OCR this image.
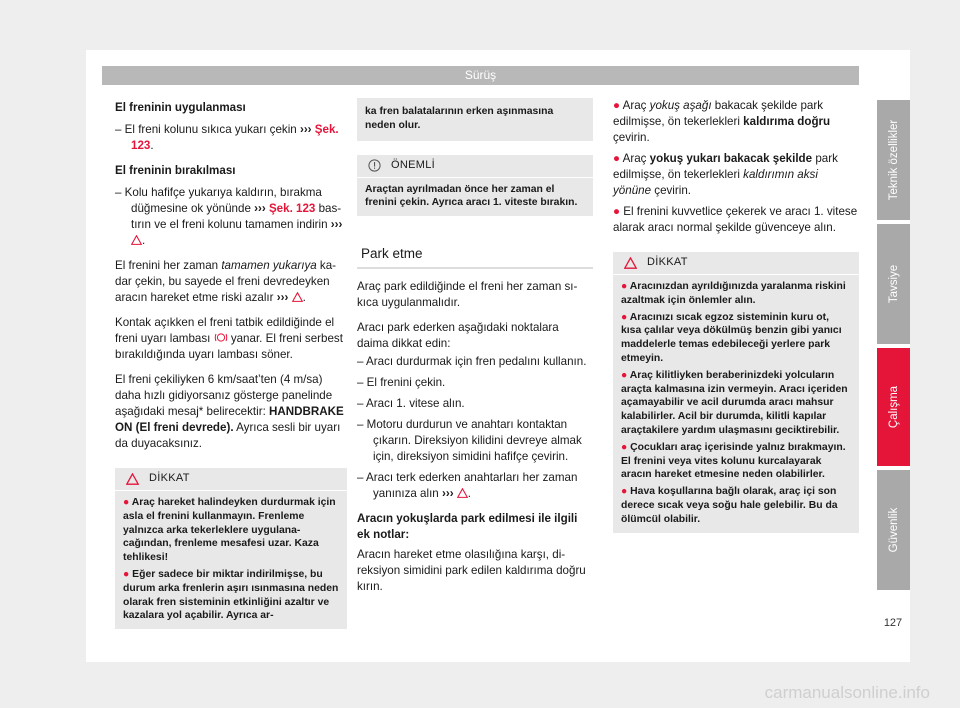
Sürüş

El freninin uygulanması

– El freni kolunu sıkıca yukarı çekin ››› Şek. 123.

El freninin bırakılması

– Kolu hafifçe yukarıya kaldırın, bırakma düğmesine ok yönünde ››› Şek. 123 bastırın ve el freni kolunu tamamen indirin ››› .

El frenini her zaman tamamen yukarıya kadar çekin, bu sayede el freni devredeyken aracın hareket etme riski azalır ››› .

Kontak açıkken el freni tatbik edildiğinde el freni uyarı lambası  yanar. El freni serbest bırakıldığında uyarı lambası söner.

El freni çekiliyken 6 km/saat’ten (4 m/sa) daha hızlı gidiyorsanız gösterge panelinde aşağıdaki mesaj* belirecektir: HANDBRAKE ON (El freni devrede). Ayrıca sesli bir uyarı da duyacaksınız.

DİKKAT

● Araç hareket halindeyken durdurmak için asla el frenini kullanmayın. Frenleme yalnızca arka tekerleklere uygulanacağından, frenleme mesafesi uzar. Kaza tehlikesi!

● Eğer sadece bir miktar indirilmişse, bu durum arka frenlerin aşırı ısınmasına neden olarak fren sisteminin etkinliğini azaltır ve kazalara yol açabilir. Ayrıca ar-

ka fren balatalarının erken aşınmasına neden olur.
ÖNEMLİ
Araçtan ayrılmadan önce her zaman el frenini çekin. Ayrıca aracı 1. viteste bırakın.

Park etme

Araç park edildiğinde el freni her zaman sıkıca uygulanmalıdır.

Aracı park ederken aşağıdaki noktalara daima dikkat edin:

– Aracı durdurmak için fren pedalını kullanın.

– El frenini çekin.

– Aracı 1. vitese alın.

– Motoru durdurun ve anahtarı kontaktan çıkarın. Direksiyon kilidini devreye almak için, direksiyon simidini hafifçe çevirin.

– Aracı terk ederken anahtarları her zaman yanınıza alın ››› .

Aracın yokuşlarda park edilmesi ile ilgili ek notlar:

Aracın hareket etme olasılığına karşı, direksiyon simidini park edilen kaldırıma doğru kırın.

● Araç yokuş aşağı bakacak şekilde park edilmişse, ön tekerlekleri kaldırıma doğru çevirin.

● Araç yokuş yukarı bakacak şekilde park edilmişse, ön tekerlekleri kaldırımın aksi yönüne çevirin.

● El frenini kuvvetlice çekerek ve aracı 1. vitese alarak aracı normal şekilde güvenceye alın.

DİKKAT

● Aracınızdan ayrıldığınızda yaralanma riskini azaltmak için önlemler alın.

● Aracınızı sıcak egzoz sisteminin kuru ot, kısa çalılar veya dökülmüş benzin gibi yanıcı maddelerle temas edebileceği yerlere park etmeyin.

● Araç kilitliyken beraberinizdeki yolcuların araçta kalmasına izin vermeyin. Aracı içeriden açamayabilir ve acil durumda aracı mahsur kalabilirler. Acil bir durumda, kilitli kapılar araçtakilere yardım ulaşmasını geciktirebilir.

● Çocukları araç içerisinde yalnız bırakmayın. El frenini veya vites kolunu kurcalayarak aracın hareket etmesine neden olabilirler.

● Hava koşullarına bağlı olarak, araç içi son derece sıcak veya soğu hale gelebilir. Bu da ölümcül olabilir.

Teknik özellikler
Tavsiye
Çalışma
Güvenlik
127
carmanualsonline.info
